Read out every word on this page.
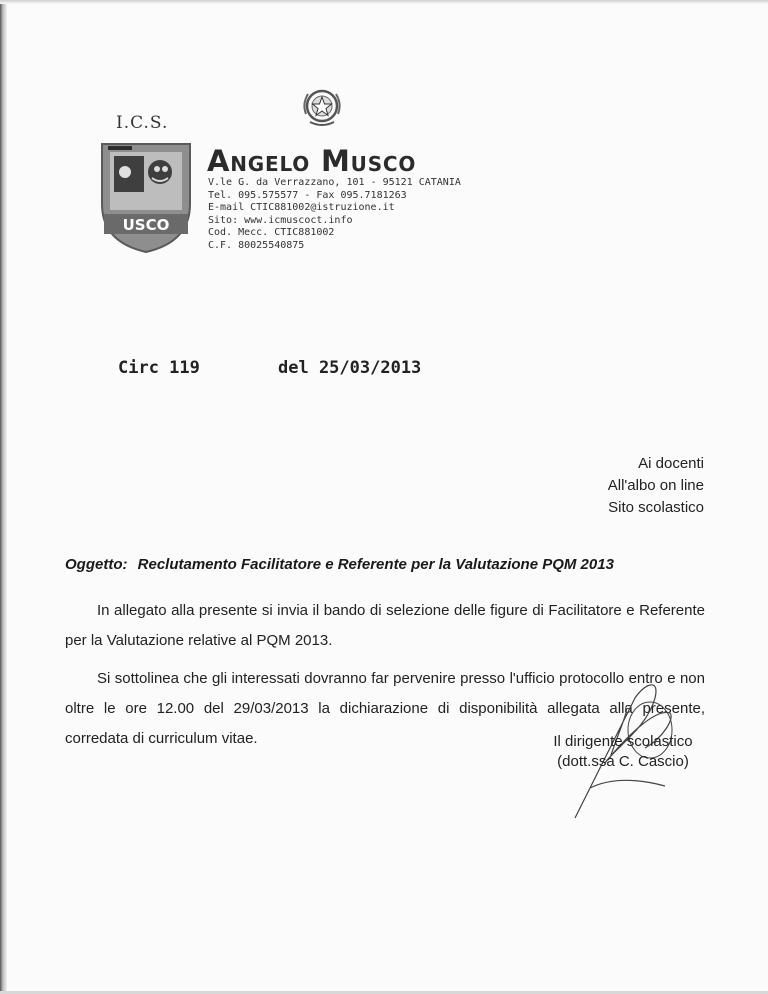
I.C.S.
USCO
Angelo Musco
V.le G. da Verrazzano, 101 - 95121 CATANIA
Tel. 095.575577 - Fax 095.7181263
E-mail CTIC881002@istruzione.it
Sito: www.icmuscoct.info
Cod. Mecc. CTIC881002
C.F. 80025540875
Circ 119	del 25/03/2013
Ai docenti
All'albo on line
Sito scolastico
Oggetto: Reclutamento Facilitatore e Referente per la Valutazione PQM 2013

In allegato alla presente si invia il bando di selezione delle figure di Facilitatore e Referente per la Valutazione relative al PQM 2013.

Si sottolinea che gli interessati dovranno far pervenire presso l'ufficio protocollo entro e non oltre le ore 12.00 del 29/03/2013 la dichiarazione di disponibilità allegata alla presente, corredata di curriculum vitae.	Il dirigente scolastico
(dott.ssa C. Cascio)
